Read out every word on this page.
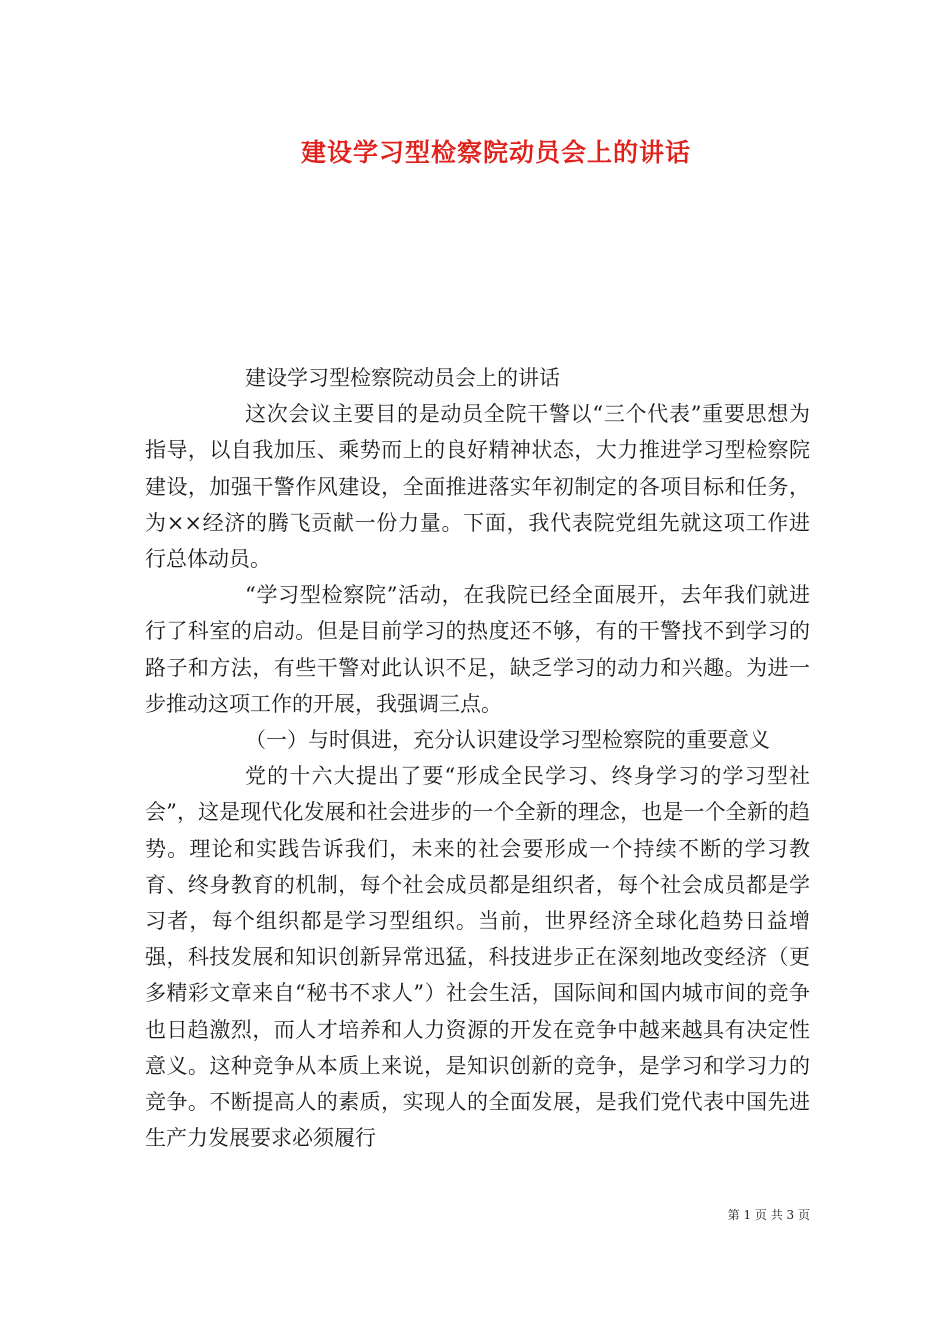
建设学习型检察院动员会上的讲话

建设学习型检察院动员会上的讲话

这次会议主要目的是动员全院干警以“三个代表”重要思想为指导，以自我加压、乘势而上的良好精神状态，大力推进学习型检察院建设，加强干警作风建设，全面推进落实年初制定的各项目标和任务，为××经济的腾飞贡献一份力量。下面，我代表院党组先就这项工作进行总体动员。

“学习型检察院”活动，在我院已经全面展开，去年我们就进行了科室的启动。但是目前学习的热度还不够，有的干警找不到学习的路子和方法，有些干警对此认识不足，缺乏学习的动力和兴趣。为进一步推动这项工作的开展，我强调三点。

（一）与时俱进，充分认识建设学习型检察院的重要意义

党的十六大提出了要“形成全民学习、终身学习的学习型社会”，这是现代化发展和社会进步的一个全新的理念，也是一个全新的趋势。理论和实践告诉我们，未来的社会要形成一个持续不断的学习教育、终身教育的机制，每个社会成员都是组织者，每个社会成员都是学习者，每个组织都是学习型组织。当前，世界经济全球化趋势日益增强，科技发展和知识创新异常迅猛，科技进步正在深刻地改变经济（更多精彩文章来自“秘书不求人”）社会生活，国际间和国内城市间的竞争也日趋激烈，而人才培养和人力资源的开发在竞争中越来越具有决定性意义。这种竞争从本质上来说，是知识创新的竞争，是学习和学习力的竞争。不断提高人的素质，实现人的全面发展，是我们党代表中国先进生产力发展要求必须履行

第 1 页 共 3 页
